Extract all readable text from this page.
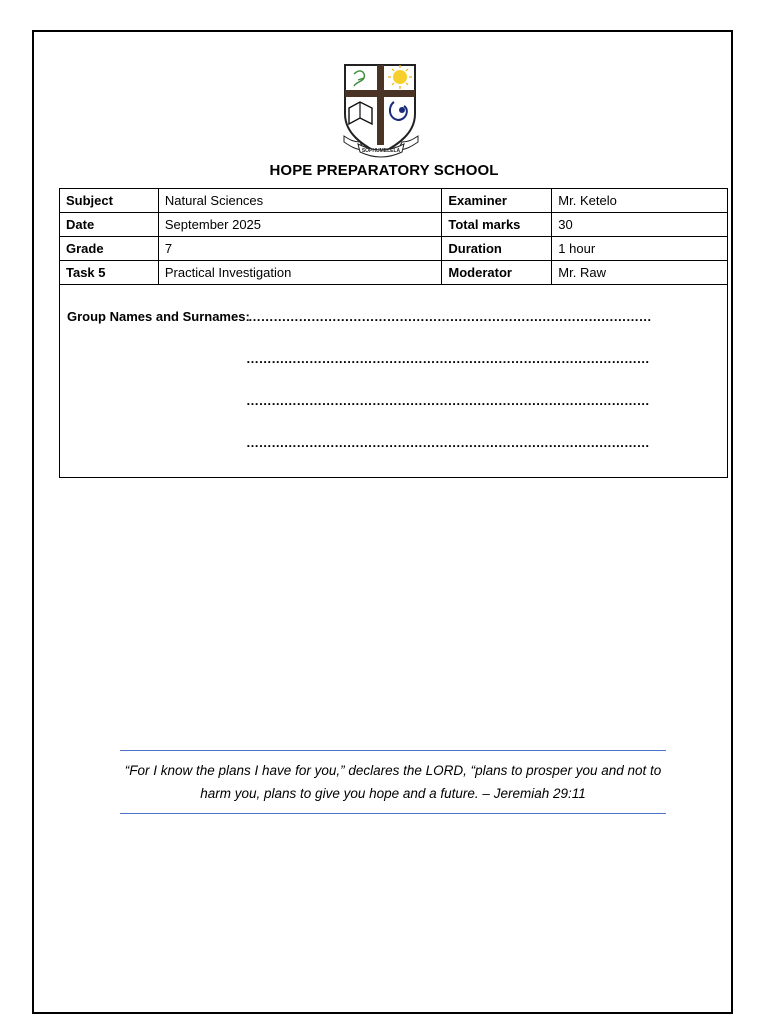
SOPHUMELELA
HOPE PREPARATORY SCHOOL
Subject	Natural Sciences	Examiner	Mr. Ketelo
Date	September 2025	Total marks	30
Grade	7	Duration	1 hour
Task 5	Practical Investigation	Moderator	Mr. Raw
Group Names and Surnames:
……………………………………………………………………………………
……………………………………………………………………………………
……………………………………………………………………………………
……………………………………………………………………………………
“For I know the plans I have for you,” declares the LORD, “plans to prosper you and not to harm you, plans to give you hope and a future. – Jeremiah 29:11
